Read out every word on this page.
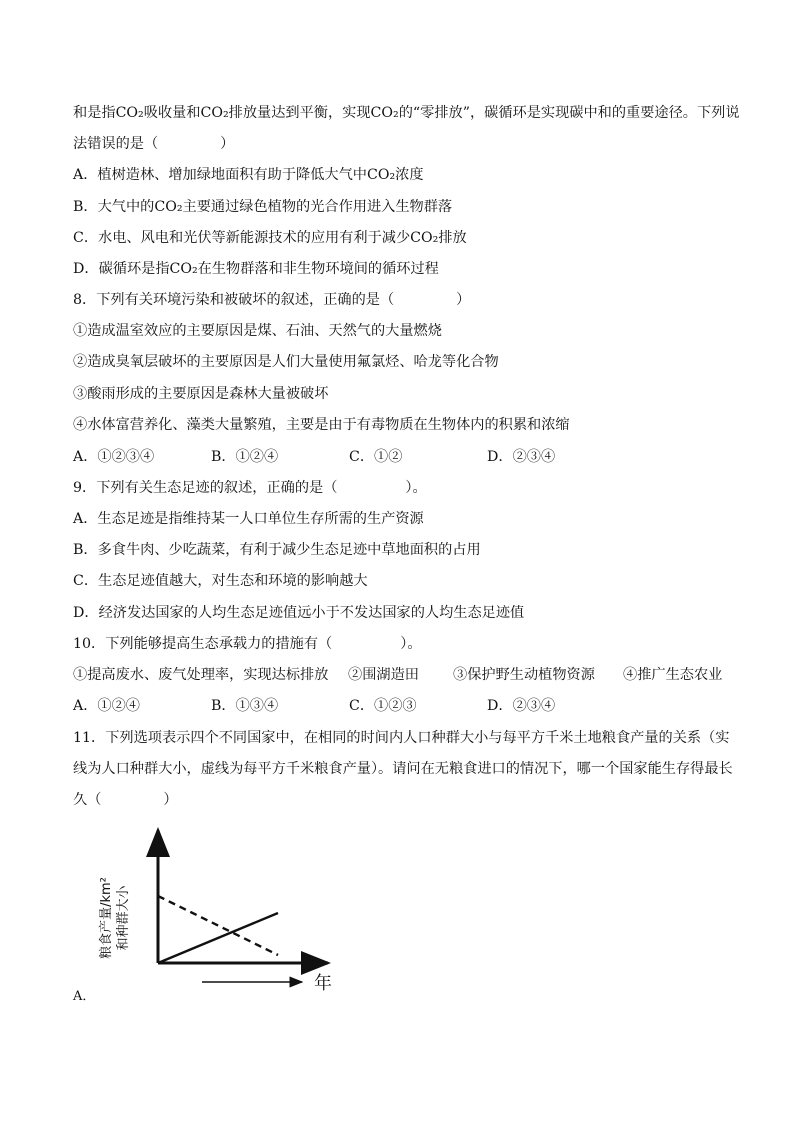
和是指CO₂吸收量和CO₂排放量达到平衡，实现CO₂的“零排放”，碳循环是实现碳中和的重要途径。下列说
法错误的是（	）
A．植树造林、增加绿地面积有助于降低大气中CO₂浓度
B．大气中的CO₂主要通过绿色植物的光合作用进入生物群落
C．水电、风电和光伏等新能源技术的应用有利于减少CO₂排放
D．碳循环是指CO₂在生物群落和非生物环境间的循环过程
8．下列有关环境污染和被破坏的叙述，正确的是（	）
①造成温室效应的主要原因是煤、石油、天然气的大量燃烧
②造成臭氧层破坏的主要原因是人们大量使用氟氯烃、哈龙等化合物
③酸雨形成的主要原因是森林大量被破坏
④水体富营养化、藻类大量繁殖，主要是由于有毒物质在生物体内的积累和浓缩
A．①②③④	B．①②④	C．①②	D．②③④
9．下列有关生态足迹的叙述，正确的是（	）。
A．生态足迹是指维持某一人口单位生存所需的生产资源
B．多食牛肉、少吃蔬菜，有利于减少生态足迹中草地面积的占用
C．生态足迹值越大，对生态和环境的影响越大
D．经济发达国家的人均生态足迹值远小于不发达国家的人均生态足迹值
10．下列能够提高生态承载力的措施有（	）。
①提高废水、废气处理率，实现达标排放 ②围湖造田 ③保护野生动植物资源 ④推广生态农业
A．①②④	B．①③④	C．①②③	D．②③④
11．下列选项表示四个不同国家中，在相同的时间内人口种群大小与每平方千米土地粮食产量的关系（实
线为人口种群大小，虚线为每平方千米粮食产量）。请问在无粮食进口的情况下，哪一个国家能生存得最长
久（	）
粮食产量/km² 和种群大小
年
A．
